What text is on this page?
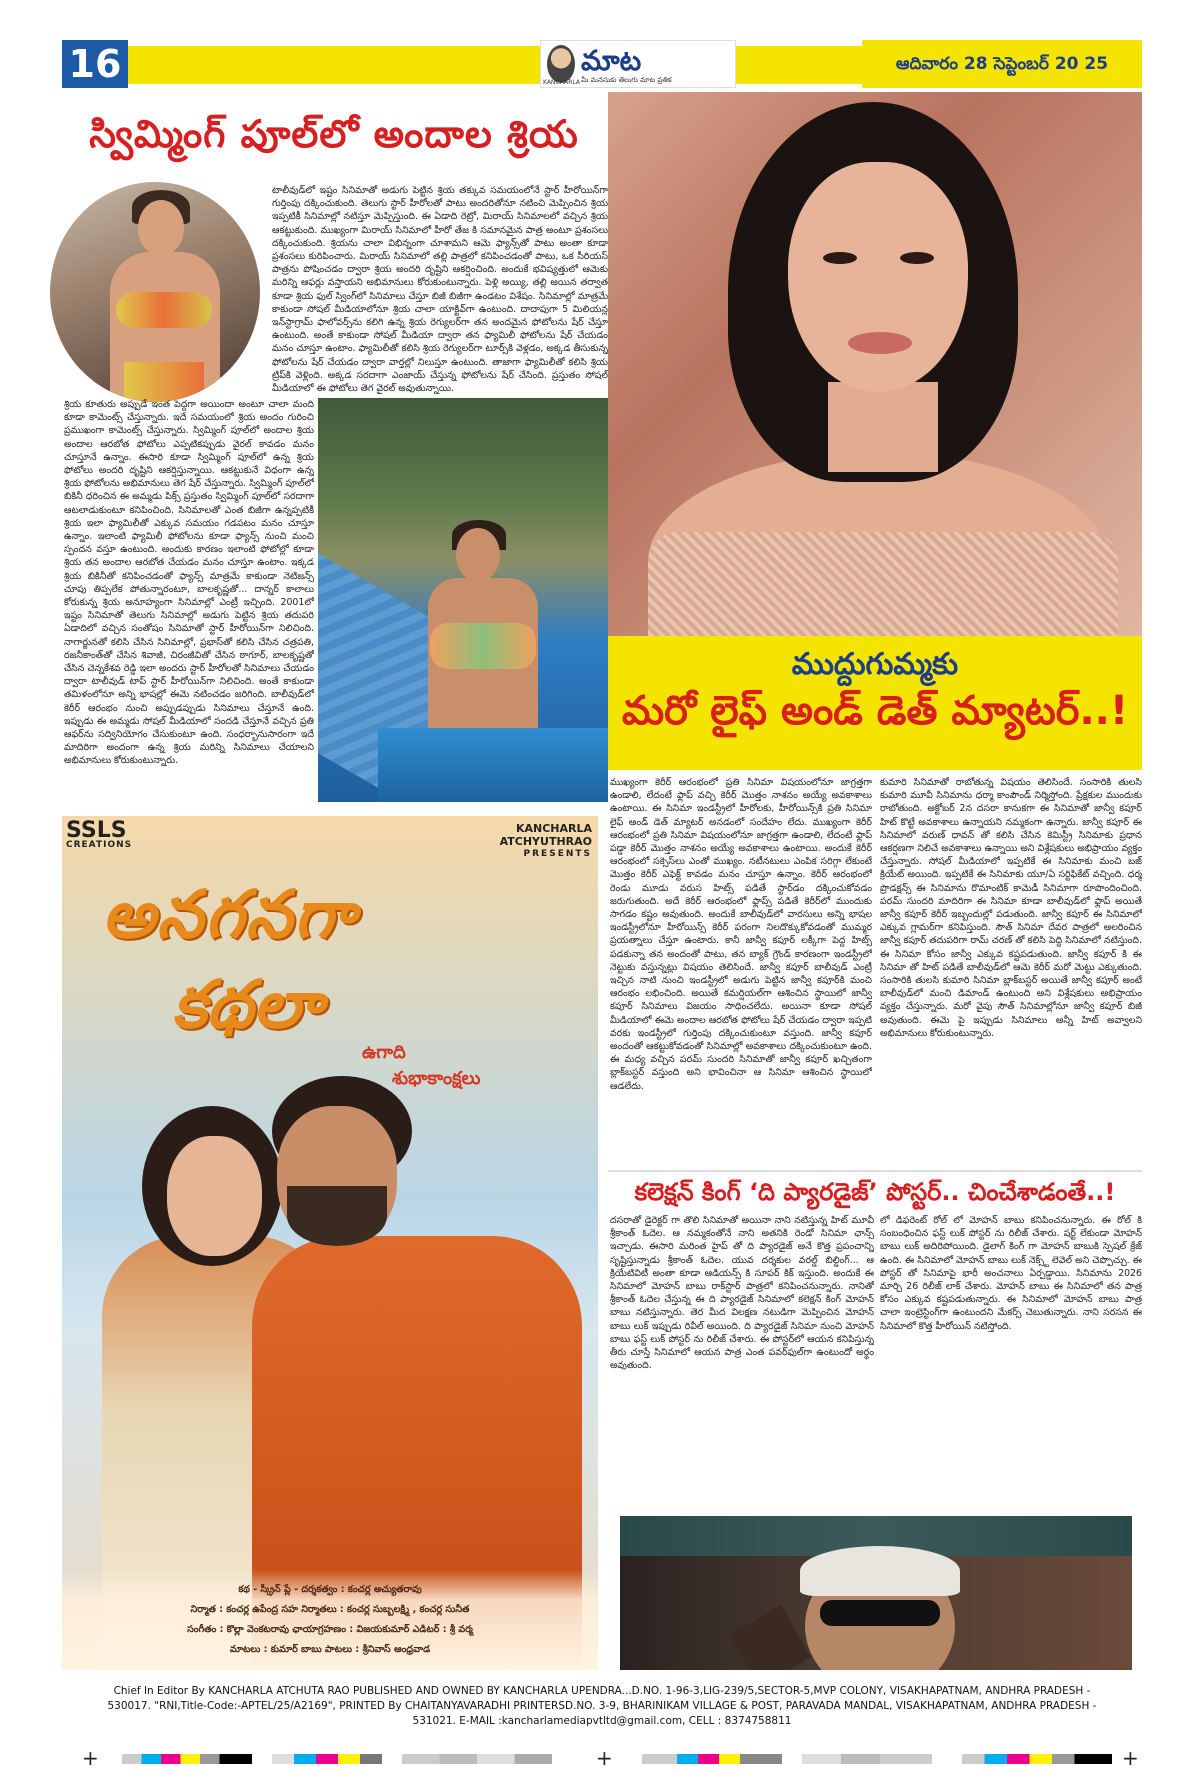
16	మాట
మీ మనసుకు తెలుగు మాట ప్రతిక
KANCHARLA
ఆదివారం 28 సెప్టెంబర్ 20 25
స్విమ్మింగ్ పూల్‌లో అందాల శ్రియ

టాలీవుడ్‌లో ఇష్టం సినిమాతో అడుగు పెట్టిన శ్రియ తక్కువ సమయంలోనే స్టార్ హీరోయిన్‌గా గుర్తింపు దక్కించుకుంది. తెలుగు స్టార్ హీరోలతో పాటు అందరితోనూ నటించి మెప్పించిన శ్రియ ఇప్పటికీ సినిమాల్లో నటిస్తూ మెప్పిస్తుంది. ఈ ఏడాది రెట్రో, మిరాయ్ సినిమాలలో వచ్చిన శ్రియ ఆకట్టుకుంది. ముఖ్యంగా మిరాయ్ సినిమాలో హీరో తేజ కి సమానమైన పాత్ర అంటూ ప్రశంసలు దక్కించుకుంది. శ్రియను చాలా విభిన్నంగా చూశామని ఆమె ఫ్యాన్స్‌తో పాటు అంతా కూడా ప్రశంసలు కురిపించారు. మిరాయ్ సినిమాలో తల్లి పాత్రలో కనిపించడంతో పాటు, ఒక సీరియస్ పాత్రను పోషించడం ద్వారా శ్రియ అందరి దృష్టిని ఆకర్షించింది. అందుకే భవిష్యత్తులో ఆమెకు మరిన్ని ఆఫర్లు వస్తాయని అభిమానులు కోరుకుంటున్నారు. పెళ్లి అయ్యి, తల్లి అయిన తర్వాత కూడా శ్రియ ఫుల్ స్వింగ్‌లో సినిమాలు చేస్తూ బిజీ బిజీగా ఉండటం విశేషం. సినిమాల్లో మాత్రమే కాకుండా సోషల్ మీడియాలోనూ శ్రియ చాలా యాక్టివ్‌గా ఉంటుంది. దాదాపుగా 5 మిలియన్ల ఇన్‌స్టాగ్రామ్ ఫాలోవర్స్‌ను కలిగి ఉన్న శ్రియ రెగ్యులర్‌గా తన అందమైన ఫోటోలను షేర్ చేస్తూ ఉంటుంది. అంతే కాకుండా సోషల్ మీడియా ద్వారా తన ఫ్యామిలీ ఫోటోలను షేర్ చేయడం మనం చూస్తూ ఉంటాం. ఫ్యామిలీతో కలిసి శ్రియ రెగ్యులర్‌గా టూర్స్‌కి వెళ్లడం, అక్కడ తీసుకున్న ఫోటోలను షేర్ చేయడం ద్వారా వార్తల్లో నిలుస్తూ ఉంటుంది. తాజాగా ఫ్యామిలీతో కలిసి శ్రియ ట్రిప్‌కి వెళ్లింది. అక్కడ సరదాగా ఎంజాయ్ చేస్తున్న ఫోటోలను షేర్ చేసింది. ప్రస్తుతం సోషల్ మీడియాలో ఈ ఫోటోలు తెగ వైరల్ అవుతున్నాయి.

శ్రియ కూతురు అప్పుడే ఇంత పెద్దగా అయిందా అంటూ చాలా మంది కూడా కామెంట్స్ చేస్తున్నారు. ఇదే సమయంలో శ్రియ అందం గురించి ప్రముఖంగా కామెంట్స్ చేస్తున్నారు. స్విమ్మింగ్ పూల్‌లో అందాల శ్రియ అందాల ఆరబోత ఫోటోలు ఎప్పటికప్పుడు వైరల్ కావడం మనం చూస్తూనే ఉన్నాం. ఈసారి కూడా స్విమ్మింగ్ పూల్‌లో ఉన్న శ్రియ ఫోటోలు అందరి దృష్టిని ఆకర్షిస్తున్నాయి. ఆకట్టుకునే విధంగా ఉన్న శ్రియ ఫోటోలను అభిమానులు తెగ షేర్ చేస్తున్నారు. స్విమ్మింగ్ పూల్‌లో బికినీ ధరించిన ఈ అమ్మడు పిక్స్ ప్రస్తుతం స్విమ్మింగ్ పూల్‌లో సరదాగా ఆటలాడుకుంటూ కనిపించింది. సినిమాలతో ఎంత బిజీగా ఉన్నప్పటికీ శ్రియ ఇలా ఫ్యామిలీతో ఎక్కువ సమయం గడపటం మనం చూస్తూ ఉన్నాం. ఇలాంటి ఫ్యామిలీ ఫోటోలను కూడా ఫ్యాన్స్ నుంచి మంచి స్పందన వస్తూ ఉంటుంది. అందుకు కారణం ఇలాంటి ఫోటోల్లో కూడా శ్రియ తన అందాల ఆరబోత చేయడం మనం చూస్తూ ఉంటాం. ఇక్కడ శ్రియ బికినీతో కనిపించడంతో ఫ్యాన్స్ మాత్రమే కాకుండా నెటిజన్స్ చూపు తిప్పలేక పోతున్నారంటూ, బాలకృష్ణతో... దాన్నర్ కాలాలు కోరుకున్న శ్రియ అనూహ్యంగా సినిమాల్లో ఎంట్రీ ఇచ్చింది. 2001లో ఇష్టం సినిమాతో తెలుగు సినిమాల్లో అడుగు పెట్టిన శ్రియ తదుపరి ఏడాదిలో వచ్చిన సంతోషం సినిమాతో స్టార్ హీరోయిన్‌గా నిలిచింది. నాగార్జునతో కలిసి చేసిన సినిమాల్లో, ప్రభాస్‌తో కలిసి చేసిన చత్రపతి, రజనీకాంత్‌తో చేసిన శివాజీ, చిరంజీవితో చేసిన ఠాగూర్, బాలకృష్ణతో చేసిన చెన్నకేశవ రెడ్డి ఇలా అందరు స్టార్ హీరోలతో సినిమాలు చేయడం ద్వారా టాలీవుడ్ టాప్ స్టార్ హీరోయిన్‌గా నిలిచింది. అంతే కాకుండా తమిళంలోనూ అన్ని భాషల్లో ఈమె నటించడం జరిగింది. బాలీవుడ్‌లో కెరీర్ ఆరంభం నుంచి అప్పుడప్పుడు సినిమాలు చేస్తూనే ఉంది. ఇప్పుడు ఈ అమ్మడు సోషల్ మీడియాలో సందడి చేస్తూనే వచ్చిన ప్రతి ఆఫర్‌ను సద్వినియోగం చేసుకుంటూ ఉంది. సంధర్భానుసారంగా ఇదే మాదిరిగా అందంగా ఉన్న శ్రియ మరిన్ని సినిమాలు చేయాలని అభిమానులు కోరుకుంటున్నారు.

ముద్దుగుమ్మకు
మరో లైఫ్ అండ్ డెత్ మ్యాటర్..!

ముఖ్యంగా కెరీర్ ఆరంభంలో ప్రతి సినిమా విషయంలోనూ జాగ్రత్తగా ఉండాలి, లేదంటే ఫ్లాప్ వచ్చి కెరీర్ మొత్తం నాశనం అయ్యే అవకాశాలు ఉంటాయి. ఈ సినిమా ఇండస్ట్రీలో హీరోలకు, హీరోయిన్స్‌కి ప్రతి సినిమా లైఫ్ అండ్ డెత్ మ్యాటర్ అనడంలో సందేహం లేదు. ముఖ్యంగా కెరీర్ ఆరంభంలో ప్రతి సినిమా విషయంలోనూ జాగ్రత్తగా ఉండాలి, లేదంటే ఫ్లాప్ పడ్డా కెరీర్ మొత్తం నాశనం అయ్యే అవకాశాలు ఉంటాయి. అందుకే కెరీర్ ఆరంభంలో సక్సెస్‌లు ఎంతో ముఖ్యం. నటీనటులు ఎంపిక సరిగ్గా లేకుంటే మొత్తం కెరీర్ ఎఫెక్ట్ కావడం మనం చూస్తూ ఉన్నాం. కెరీర్ ఆరంభంలో రెండు మూడు వరుస హిట్స్ పడితే స్టార్‌డం దక్కించుకోవడం జరుగుతుంది. అదే కెరీర్ ఆరంభంలో ఫ్లాప్స్ పడితే కెరీర్‌లో ముందుకు సాగడం కష్టం అవుతుంది. అందుకే బాలీవుడ్‌లో వారసులు అన్ని భాషల ఇండస్ట్రీలోనూ హీరోయిన్స్ కెరీర్ పరంగా నిలదొక్కుకోవడంతో ముమ్మర ప్రయత్నాలు చేస్తూ ఉంటారు. కానీ జాన్వీ కపూర్ లక్కీగా పెద్ద హిట్స్ పడకున్నా తన అందంతో పాటు, తన బ్యాక్ గ్రౌండ్ కారణంగా ఇండస్ట్రీలో నెట్టుకు వస్తున్నట్లు విషయం తెలిసిందే. జాన్వీ కపూర్ బాలీవుడ్ ఎంట్రీ ఇచ్చిన నాటి నుంచి ఇండస్ట్రీలో అడుగు పెట్టిన జాన్వీ కపూర్‌కి మంచి ఆరంభం లభించింది. అయితే కమర్షియల్‌గా ఆశించిన స్థాయిలో జాన్వీ కపూర్ సినిమాలు విజయం సాధించలేదు. అయినా కూడా సోషల్ మీడియాలో ఈమె అందాల ఆరబోత ఫోటోలు షేర్ చేయడం ద్వారా ఇప్పటి వరకు ఇండస్ట్రీలో గుర్తింపు దక్కించుకుంటూ వస్తుంది. జాన్వీ కపూర్ అందంతో ఆకట్టుకోవడంతో సినిమాల్లో అవకాశాలు దక్కించుకుంటూ ఉంది. ఈ మధ్య వచ్చిన పరమ్ సుందరి సినిమాతో జాన్వీ కపూర్ ఖచ్చితంగా బ్లాక్‌బస్టర్ వస్తుంది అని భావించినా ఆ సినిమా ఆశించిన స్థాయిలో ఆడలేదు.

కుమారి సినిమాతో రాబోతున్న విషయం తెలిసిందే. సంసారికి తులసి కుమారి మూవీ సినిమాను ధర్మా కాంపౌండ్ నిర్మిస్తోంది. ప్రేక్షకుల ముందుకు రాబోతుంది. అక్టోబర్ 2న దసరా కానుకగా ఈ సినిమాతో జాన్వీ కపూర్ హిట్ కొట్టే అవకాశాలు ఉన్నాయని నమ్మకంగా ఉన్నారు. జాన్వీ కపూర్ ఈ సినిమాలో వరుణ్ ధావన్ తో కలిసి చేసిన కెమిస్ట్రీ సినిమాకు ప్రధాన ఆకర్షణగా నిలిచే అవకాశాలు ఉన్నాయి అని విశ్లేషకులు అభిప్రాయం వ్యక్తం చేస్తున్నారు. సోషల్ మీడియాలో ఇప్పటికే ఈ సినిమాకు మంచి బజ్ క్రియేట్ అయింది. ఇప్పటికే ఈ సినిమాకు యూ/ఏ సర్టిఫికేట్ వచ్చింది. ధర్మ ప్రొడక్షన్స్ ఈ సినిమాను రొమాంటిక్ కామెడీ సినిమాగా రూపొందించింది. పరమ్ సుందరి మాదిరిగా ఈ సినిమా కూడా బాలీవుడ్‌లో ఫ్లాప్ అయితే జాన్వీ కపూర్ కెరీర్ ఇబ్బందుల్లో పడుతుంది. జాన్వీ కపూర్ ఈ సినిమాలో ఎక్కువ గ్లామర్‌గా కనిపిస్తుంది. సౌత్ సినిమా దేవర పాత్రలో అలరించిన జాన్వీ కపూర్ తదుపరిగా రామ్ చరణ్ తో కలిసి పెద్ది సినిమాలో నటిస్తుంది. ఈ సినిమా కోసం జాన్వీ ఎక్కువ కష్టపడుతుంది. జాన్వీ కపూర్ కి ఈ సినిమా తో హిట్ పడితే బాలీవుడ్‌లో ఆమె కెరీర్ మరో మెట్టు ఎక్కుతుంది. సంసారికి తులసి కుమారి సినిమా బ్లాక్‌బస్టర్ అయితే జాన్వీ కపూర్ అంటే బాలీవుడ్‌లో మంచి డిమాండ్ ఉంటుంది అని విశ్లేషకులు అభిప్రాయం వ్యక్తం చేస్తున్నారు. మరో వైపు సౌత్ సినిమాల్లోనూ జాన్వీ కపూర్ బిజీ అవుతుంది. ఈమె పై ఇప్పుడు సినిమాలు అన్నీ హిట్ అవ్వాలని అభిమానులు కోరుకుంటున్నారు.

SSLS
CREATIONS
KANCHARLA
ATCHYUTHRAO
PRESENTS
అనగనగా
కథలా
ఉగాది
శుభాకాంక్షలు
కథ - స్క్రీన్ ప్లే - దర్శకత్వం : కంచర్ల అచ్యుతరావు
నిర్మాత : కంచర్ల ఉపేంద్ర సహ నిర్మాతలు : కంచర్ల సుబ్బలక్ష్మి , కంచర్ల సునీత
సంగీతం : కొల్లా వెంకటరావు ఛాయాగ్రహణం : విజయకుమార్ ఎడిటర్ : శ్రీ వర్మ
మాటలు : కుమార్ బాబు పాటలు : శ్రీనివాస్ ఆంధ్రవాడ
కలెక్షన్ కింగ్ ‘ది ప్యారడైజ్’ పోస్టర్.. చించేశాడంతే..!

దసరాతో డైరెక్టర్ గా తొలి సినిమాతో అయినా నాని నటిస్తున్న హిట్ మూవీ శ్రీకాంత్ ఓదెల. ఆ నమ్మకంతోనే నాని అతనికి రెండో సినిమా ఛాన్స్ ఇచ్చాడు. ఈసారి మరింత హైప్ తో ది ప్యారడైజ్ అనే కొత్త ప్రపంచాన్ని సృష్టిస్తున్నాడు శ్రీకాంత్ ఓదెల. యువ దర్శకుల వరల్డ్ బిల్డింగ్... ఆ క్రియేటివిటీ అంతా కూడా ఆడియన్స్ కి సూపర్ కిక్ ఇస్తుంది. అందుకే ఈ సినిమాలో మోహన్ బాబు రాక్‌స్టార్ పాత్రలో కనిపించనున్నారు. నానితో శ్రీకాంత్ ఓదెల చేస్తున్న ఈ ది ప్యారడైజ్ సినిమాలో కలెక్షన్ కింగ్ మోహన్ బాబు నటిస్తున్నారు. తెర మీద విలక్షణ నటుడిగా మెప్పించిన మోహన్ బాబు లుక్ ఇప్పుడు రివీల్ అయింది. ది ప్యారడైజ్ సినిమా నుంచి మోహన్ బాబు ఫస్ట్ లుక్ పోస్టర్ ను రిలీజ్ చేశారు. ఈ పోస్టర్‌లో ఆయన కనిపిస్తున్న తీరు చూస్తే సినిమాలో ఆయన పాత్ర ఎంత పవర్‌ఫుల్‌గా ఉంటుందో అర్థం అవుతుంది.

లో డిఫరెంట్ రోల్ లో మోహన్ బాబు కనిపించనున్నారు. ఈ రోల్ కి సంబంధించిన ఫస్ట్ లుక్ పోస్టర్ ను రిలీజ్ చేశారు. షర్ట్ లేకుండా మోహన్ బాబు లుక్ అదిరిపోయింది. డైలాగ్ కింగ్ గా మోహన్ బాబుకి స్పెషల్ క్రేజ్ ఉంది. ఈ సినిమాలో మోహన్ బాబు లుక్ నెక్స్ట్ లెవెల్ అని చెప్పొచ్చు. ఈ పోస్టర్ తో సినిమాపై భారీ అంచనాలు ఏర్పడ్డాయి. సినిమాను 2026 మార్చి 26 రిలీజ్ లాక్ చేశారు. మోహన్ బాబు ఈ సినిమాలో తన పాత్ర కోసం ఎక్కువ కష్టపడుతున్నారు. ఈ సినిమాలో మోహన్ బాబు పాత్ర చాలా ఇంట్రెస్టింగ్‌గా ఉంటుందని మేకర్స్ చెబుతున్నారు. నాని సరసన ఈ సినిమాలో కొత్త హీరోయిన్ నటిస్తోంది.

Chief In Editor By KANCHARLA ATCHUTA RAO PUBLISHED AND OWNED BY KANCHARLA UPENDRA...D.NO. 1-96-3,LIG-239/5,SECTOR-5,MVP COLONY, VISAKHAPATNAM, ANDHRA PRADESH -
530017. "RNI,Title-Code:-APTEL/25/A2169", PRINTED By CHAITANYAVARADHI PRINTERSD.NO. 3-9, BHARINIKAM VILLAGE & POST, PARAVADA MANDAL, VISAKHAPATNAM, ANDHRA PRADESH -
531021. E-MAIL :kancharlamediapvtltd@gmail.com, CELL : 8374758811
+	+	+
